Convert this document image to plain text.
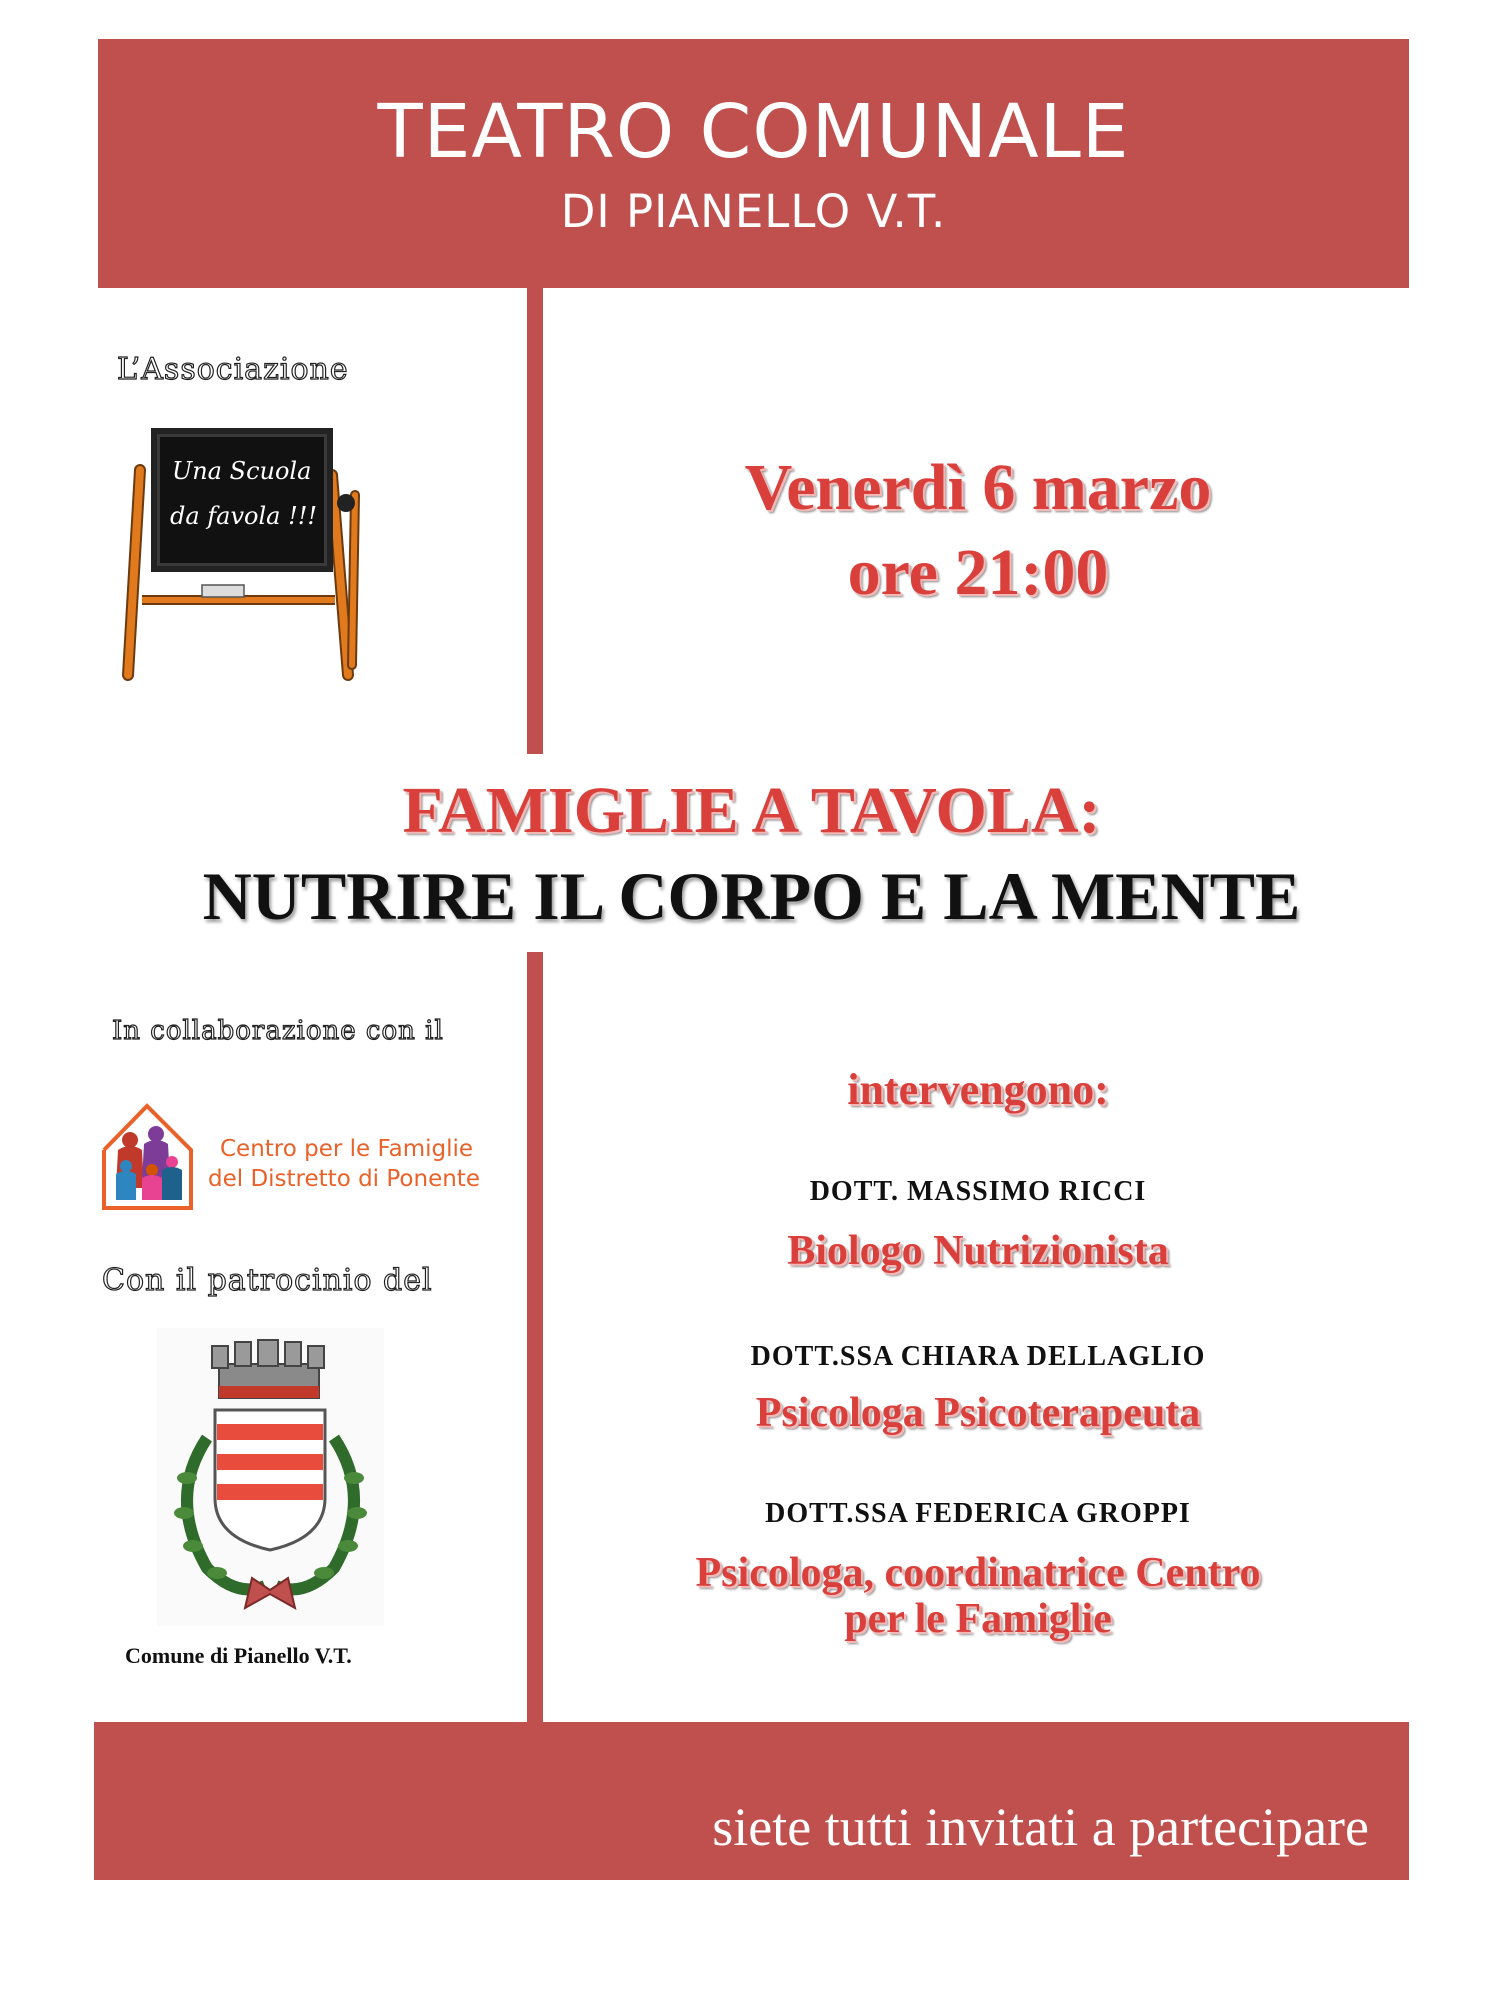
TEATRO COMUNALE
DI PIANELLO V.T.
L’Associazione
Una Scuola
da favola !!!
In collaborazione con il
Centro per le Famiglie
del Distretto di Ponente
Con il patrocinio del
Comune di Pianello V.T.
Venerdì 6 marzo
ore 21:00
FAMIGLIE A TAVOLA:
NUTRIRE IL CORPO E LA MENTE
intervengono:
DOTT. MASSIMO RICCI
Biologo Nutrizionista
DOTT.SSA CHIARA DELLAGLIO
Psicologa Psicoterapeuta
DOTT.SSA FEDERICA GROPPI
Psicologa, coordinatrice Centro
per le Famiglie
siete tutti invitati a partecipare
